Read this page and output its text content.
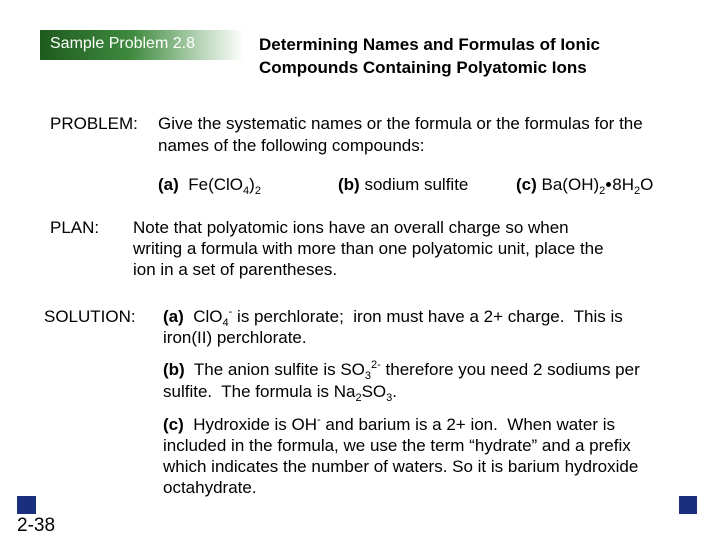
Sample Problem 2.8	Determining Names and Formulas of Ionic
Compounds Containing Polyatomic Ions
PROBLEM: Give the systematic names or the formula or the formulas for the
names of the following compounds:
(a) $Fe(ClO_4)_2$	(b) sodium sulfite	(c) $Ba(OH)_2$ $8H_2O$
PLAN: Note that polyatomic ions have an overall charge so when
writing a formula with more than one polyatomic unit, place the
ion in a set of parentheses.
SOLUTION: (a) ClO$_4$- is perchlorate;  iron must have a 2+ charge.  This is
iron(II) perchlorate.
(b) The anion sulfite is $SO_3^{2-}$ therefore you need 2 sodiums per
sulfite.  The formula is $Na_2SO_3$.
(c) Hydroxide is OH- and barium is a 2+ ion.  When water is
included in the formula, we use the term “hydrate” and a prefix
which indicates the number of waters. So it is barium hydroxide
octahydrate.
2-38
